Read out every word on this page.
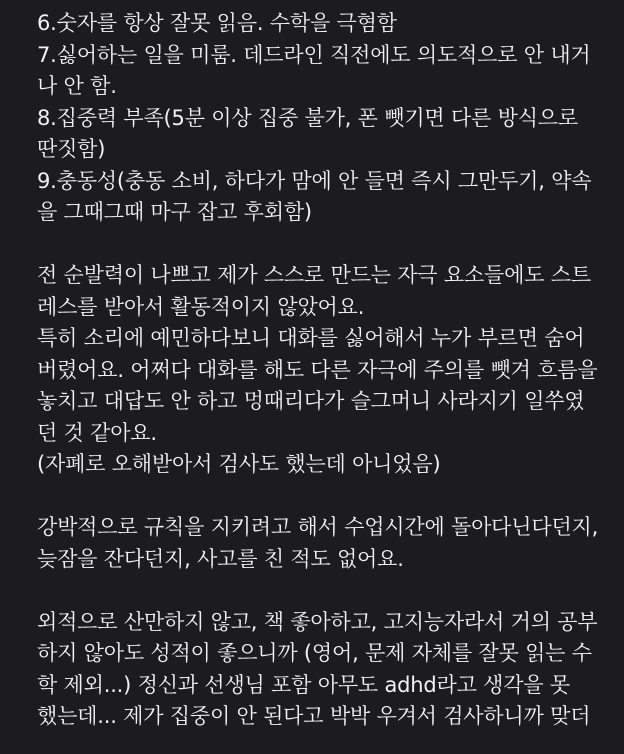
6.숫자를 항상 잘못 읽음. 수학을 극혐함
7.싫어하는 일을 미룸. 데드라인 직전에도 의도적으로 안 내거
나 안 함.
8.집중력 부족(5분 이상 집중 불가, 폰 뺏기면 다른 방식으로
딴짓함)
9.충동성(충동 소비, 하다가 맘에 안 들면 즉시 그만두기, 약속
을 그때그때 마구 잡고 후회함)
전 순발력이 나쁘고 제가 스스로 만드는 자극 요소들에도 스트
레스를 받아서 활동적이지 않았어요.
특히 소리에 예민하다보니 대화를 싫어해서 누가 부르면 숨어
버렸어요. 어쩌다 대화를 해도 다른 자극에 주의를 뺏겨 흐름을
놓치고 대답도 안 하고 멍때리다가 슬그머니 사라지기 일쑤였
던 것 같아요.
(자폐로 오해받아서 검사도 했는데 아니었음)
강박적으로 규칙을 지키려고 해서 수업시간에 돌아다닌다던지,
늦잠을 잔다던지, 사고를 친 적도 없어요.
외적으로 산만하지 않고, 책 좋아하고, 고지능자라서 거의 공부
하지 않아도 성적이 좋으니까 (영어, 문제 자체를 잘못 읽는 수
학 제외...) 정신과 선생님 포함 아무도 adhd라고 생각을 못
했는데... 제가 집중이 안 된다고 박박 우겨서 검사하니까 맞더
